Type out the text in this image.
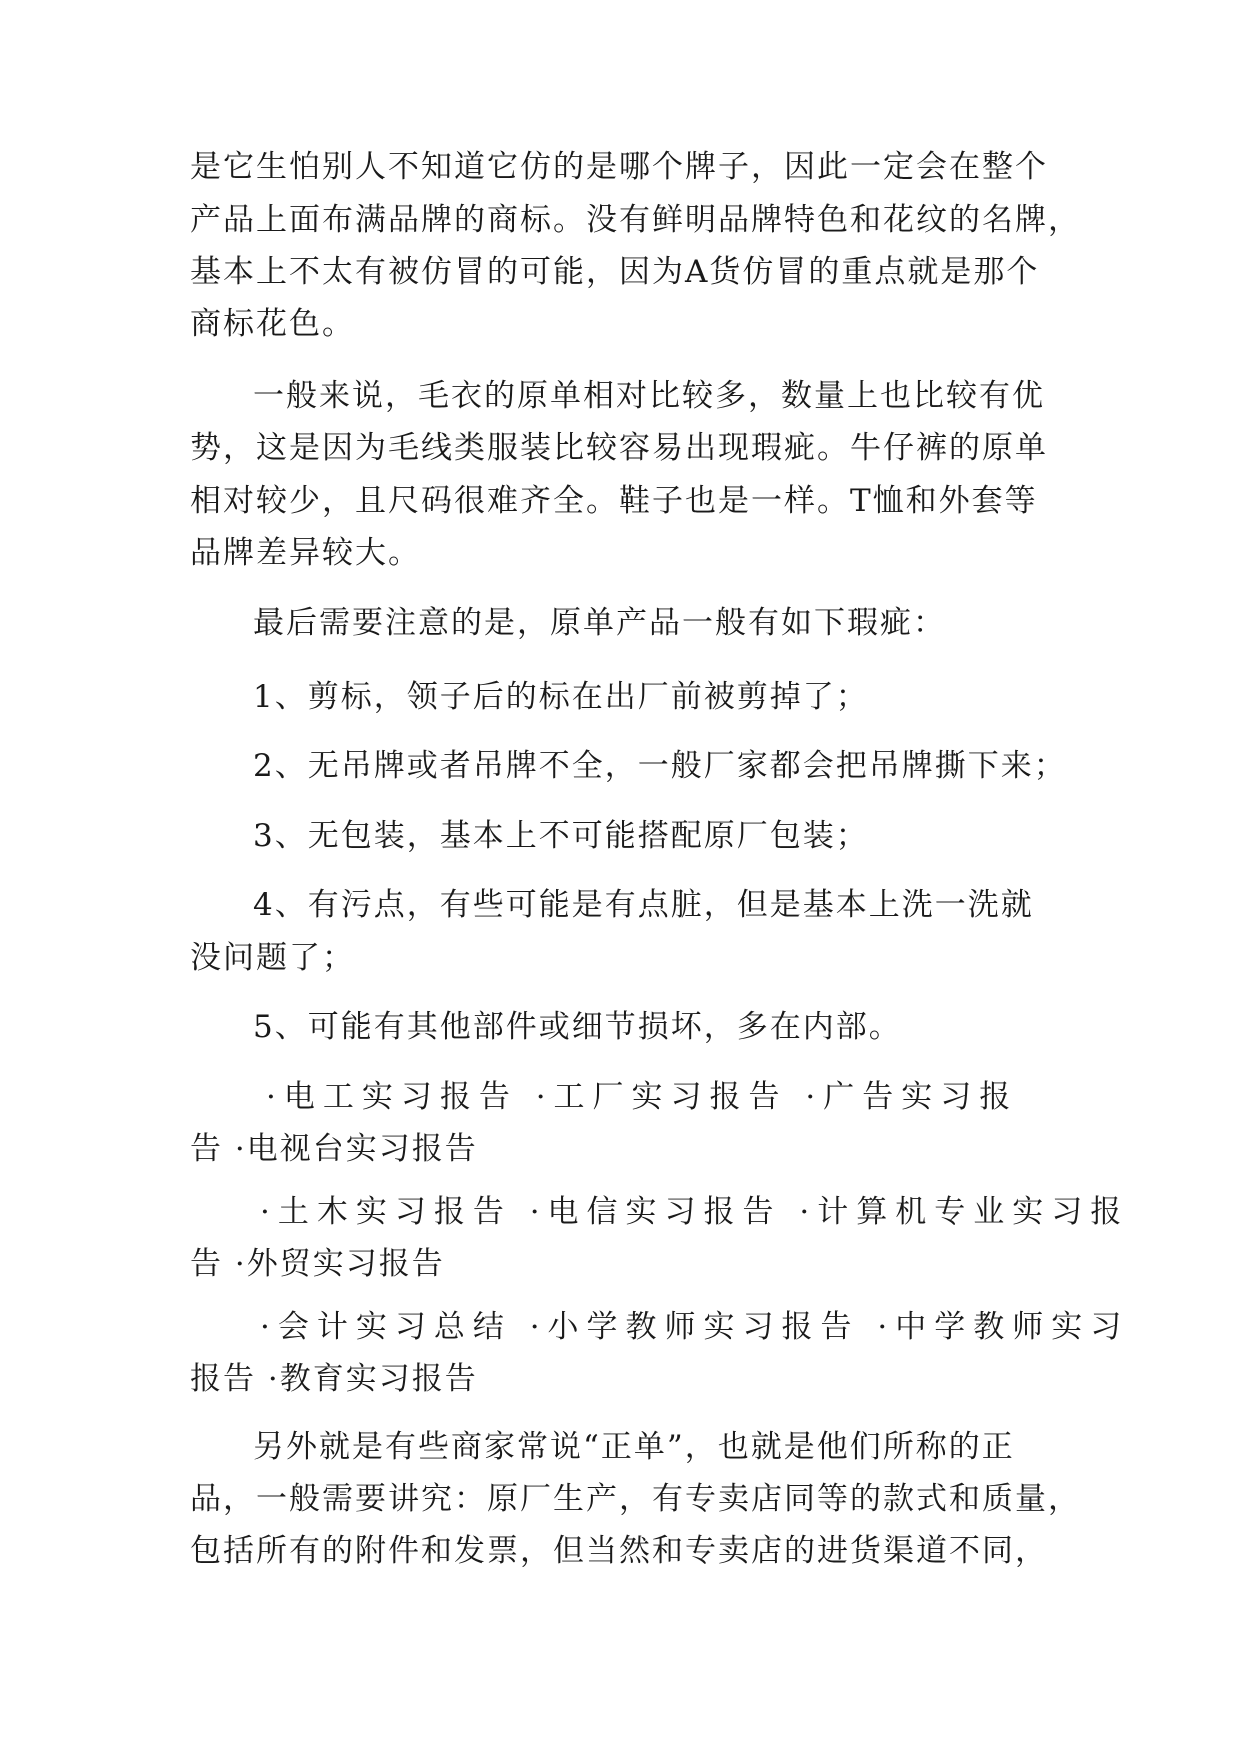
是它生怕别人不知道它仿的是哪个牌子，因此一定会在整个
产品上面布满品牌的商标。没有鲜明品牌特色和花纹的名牌，
基本上不太有被仿冒的可能，因为A货仿冒的重点就是那个
商标花色。
一般来说，毛衣的原单相对比较多，数量上也比较有优
势，这是因为毛线类服装比较容易出现瑕疵。牛仔裤的原单
相对较少，且尺码很难齐全。鞋子也是一样。T恤和外套等
品牌差异较大。
最后需要注意的是，原单产品一般有如下瑕疵：
1、剪标，领子后的标在出厂前被剪掉了；
2、无吊牌或者吊牌不全，一般厂家都会把吊牌撕下来；
3、无包装，基本上不可能搭配原厂包装；
4、有污点，有些可能是有点脏，但是基本上洗一洗就
没问题了；
5、可能有其他部件或细节损坏，多在内部。
·电工实习报告 ·工厂实习报告 ·广告实习报
告 ·电视台实习报告
·土木实习报告 ·电信实习报告 ·计算机专业实习报
告 ·外贸实习报告
·会计实习总结 ·小学教师实习报告 ·中学教师实习
报告 ·教育实习报告
另外就是有些商家常说“正单”，也就是他们所称的正
品，一般需要讲究：原厂生产，有专卖店同等的款式和质量，
包括所有的附件和发票，但当然和专卖店的进货渠道不同，
